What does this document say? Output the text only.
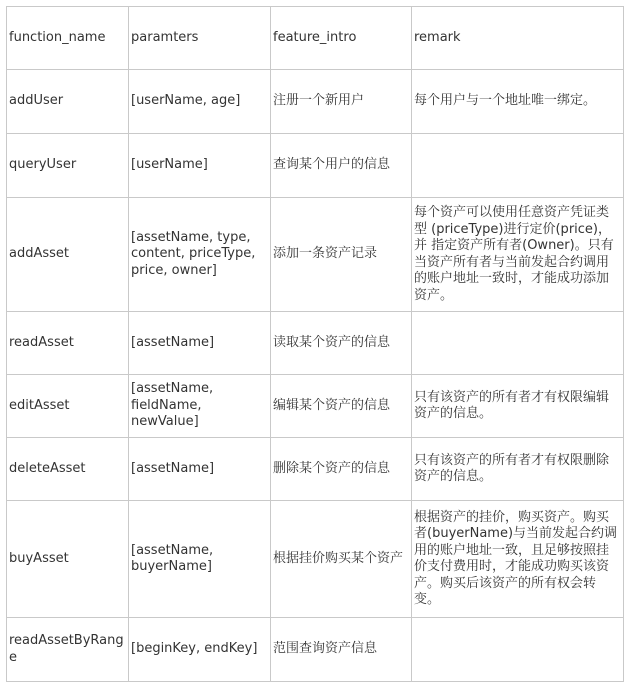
function_name	paramters	feature_intro	remark
addUser	[userName, age]	注册一个新用户	每个用户与一个地址唯一绑定。
queryUser	[userName]	查询某个用户的信息	
addAsset	[assetName, type, content, priceType, price, owner]	添加一条资产记录	每个资产可以使用任意资产凭证类型 (priceType)进行定价(price)，并 指定资产所有者(Owner)。只有 当资产所有者与当前发起合约调用的账户地址一致时，才能成功添加资产。
readAsset	[assetName]	读取某个资产的信息	
editAsset	[assetName, fieldName, newValue]	编辑某个资产的信息	只有该资产的所有者才有权限编辑资产的信息。
deleteAsset	[assetName]	删除某个资产的信息	只有该资产的所有者才有权限删除资产的信息。
buyAsset	[assetName, buyerName]	根据挂价购买某个资产	根据资产的挂价，购买资产。购买者(buyerName)与当前发起合约调用的账户地址一致，且足够按照挂价支付费用时，才能成功购买该资产。购买后该资产的所有权会转变。
readAssetByRange	[beginKey, endKey]	范围查询资产信息	
